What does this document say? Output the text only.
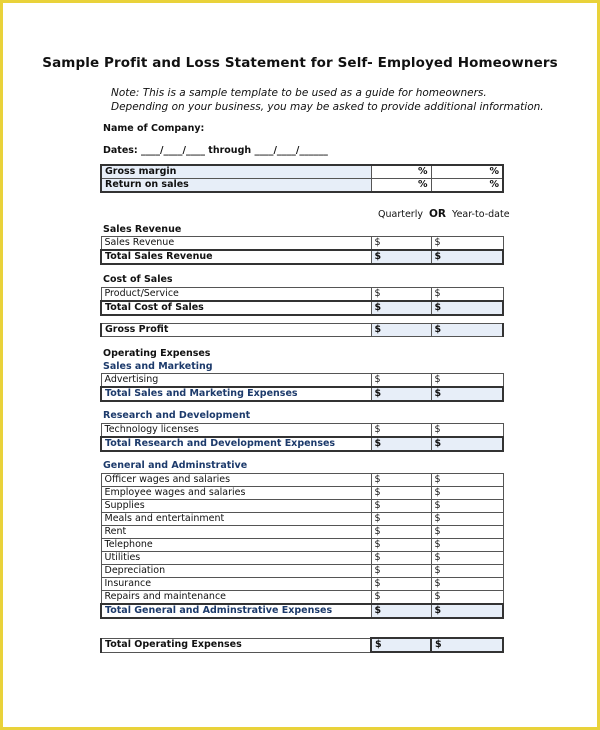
Sample Profit and Loss Statement for Self- Employed Homeowners
Note: This is a sample template to be used as a guide for homeowners.
Depending on your business, you may be asked to provide additional information.
Name of Company:
Dates: ____/____/____ through ____/____/______
Gross margin	%	%
Return on sales	%	%
Quarterly OR Year-to-date
Sales Revenue
Sales Revenue	$	$
Total Sales Revenue	$	$
Cost of Sales
Product/Service	$	$
Total Cost of Sales	$	$
Gross Profit	$	$
Operating Expenses
Sales and Marketing
Advertising	$	$
Total Sales and Marketing Expenses	$	$
Research and Development
Technology licenses	$	$
Total Research and Development Expenses	$	$
General and Adminstrative
Officer wages and salaries	$	$
Employee wages and salaries	$	$
Supplies	$	$
Meals and entertainment	$	$
Rent	$	$
Telephone	$	$
Utilities	$	$
Depreciation	$	$
Insurance	$	$
Repairs and maintenance	$	$
Total General and Adminstrative Expenses	$	$
Total Operating Expenses	$	$
